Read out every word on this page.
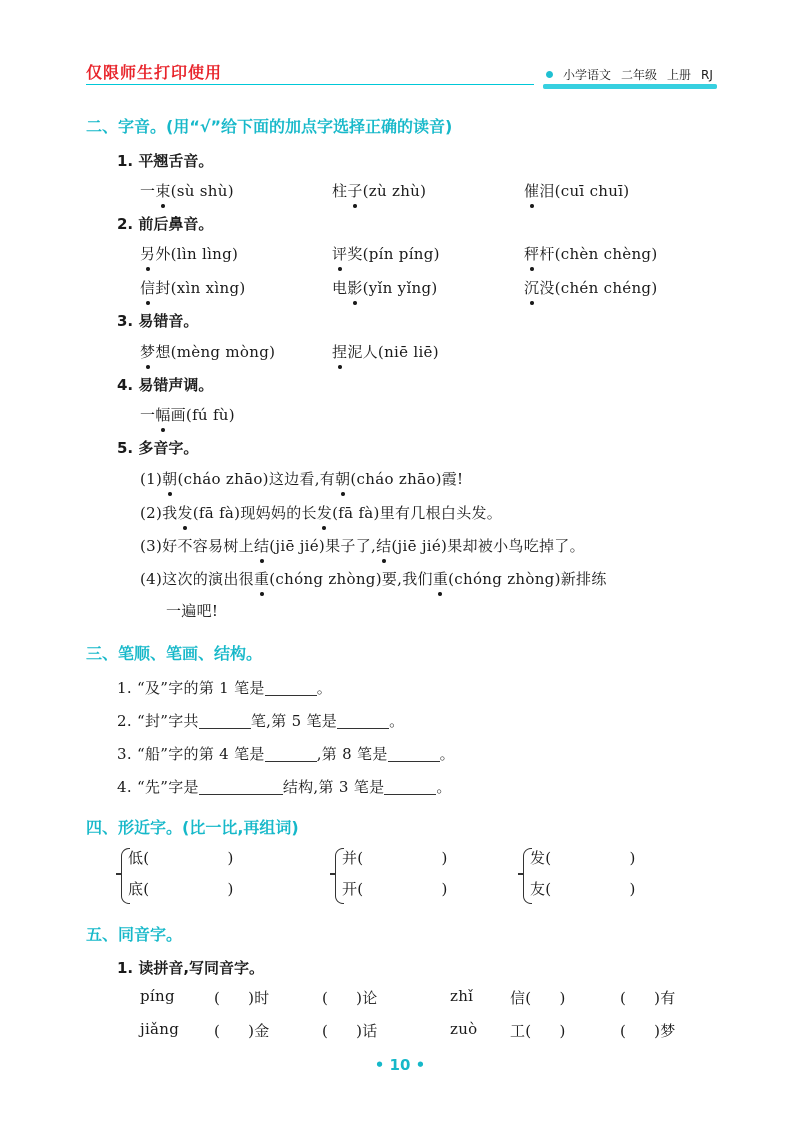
仅限师生打印使用	小学语文 二年级 上册 RJ
二、字音。(用“√”给下面的加点字选择正确的读音)
1. 平翘舌音。
一束(sù shù)	柱子(zù zhù)	催泪(cuī chuī)
2. 前后鼻音。
另外(lìn lìng)	评奖(pín píng)	秤杆(chèn chèng)
信封(xìn xìng)	电影(yǐn yǐng)	沉没(chén chéng)
3. 易错音。
梦想(mèng mòng)	捏泥人(niē liē)
4. 易错声调。
一幅画(fú fù)
5. 多音字。
(1)朝(cháo zhāo)这边看,有朝(cháo zhāo)霞!
(2)我发(fā fà)现妈妈的长发(fā fà)里有几根白头发。
(3)好不容易树上结(jiē jié)果子了,结(jiē jié)果却被小鸟吃掉了。
(4)这次的演出很重(chóng zhòng)要,我们重(chóng zhòng)新排练
一遍吧!
三、笔顺、笔画、结构。
1. “及”字的第 1 笔是	。
2. “封”字共	笔,第 5 笔是	。
3. “船”字的第 4 笔是	,第 8 笔是	。
4. “先”字是	结构,第 3 笔是	。
四、形近字。(比一比,再组词)
低(	)
底(	)
并(	)
开(	)
发(	)
友(	)
五、同音字。
1. 读拼音,写同音字。
píng	( )时	( )论	zhǐ 信( )	( )有
jiǎng ( )金	( )话	zuò 工( )	( )梦
• 10 •
